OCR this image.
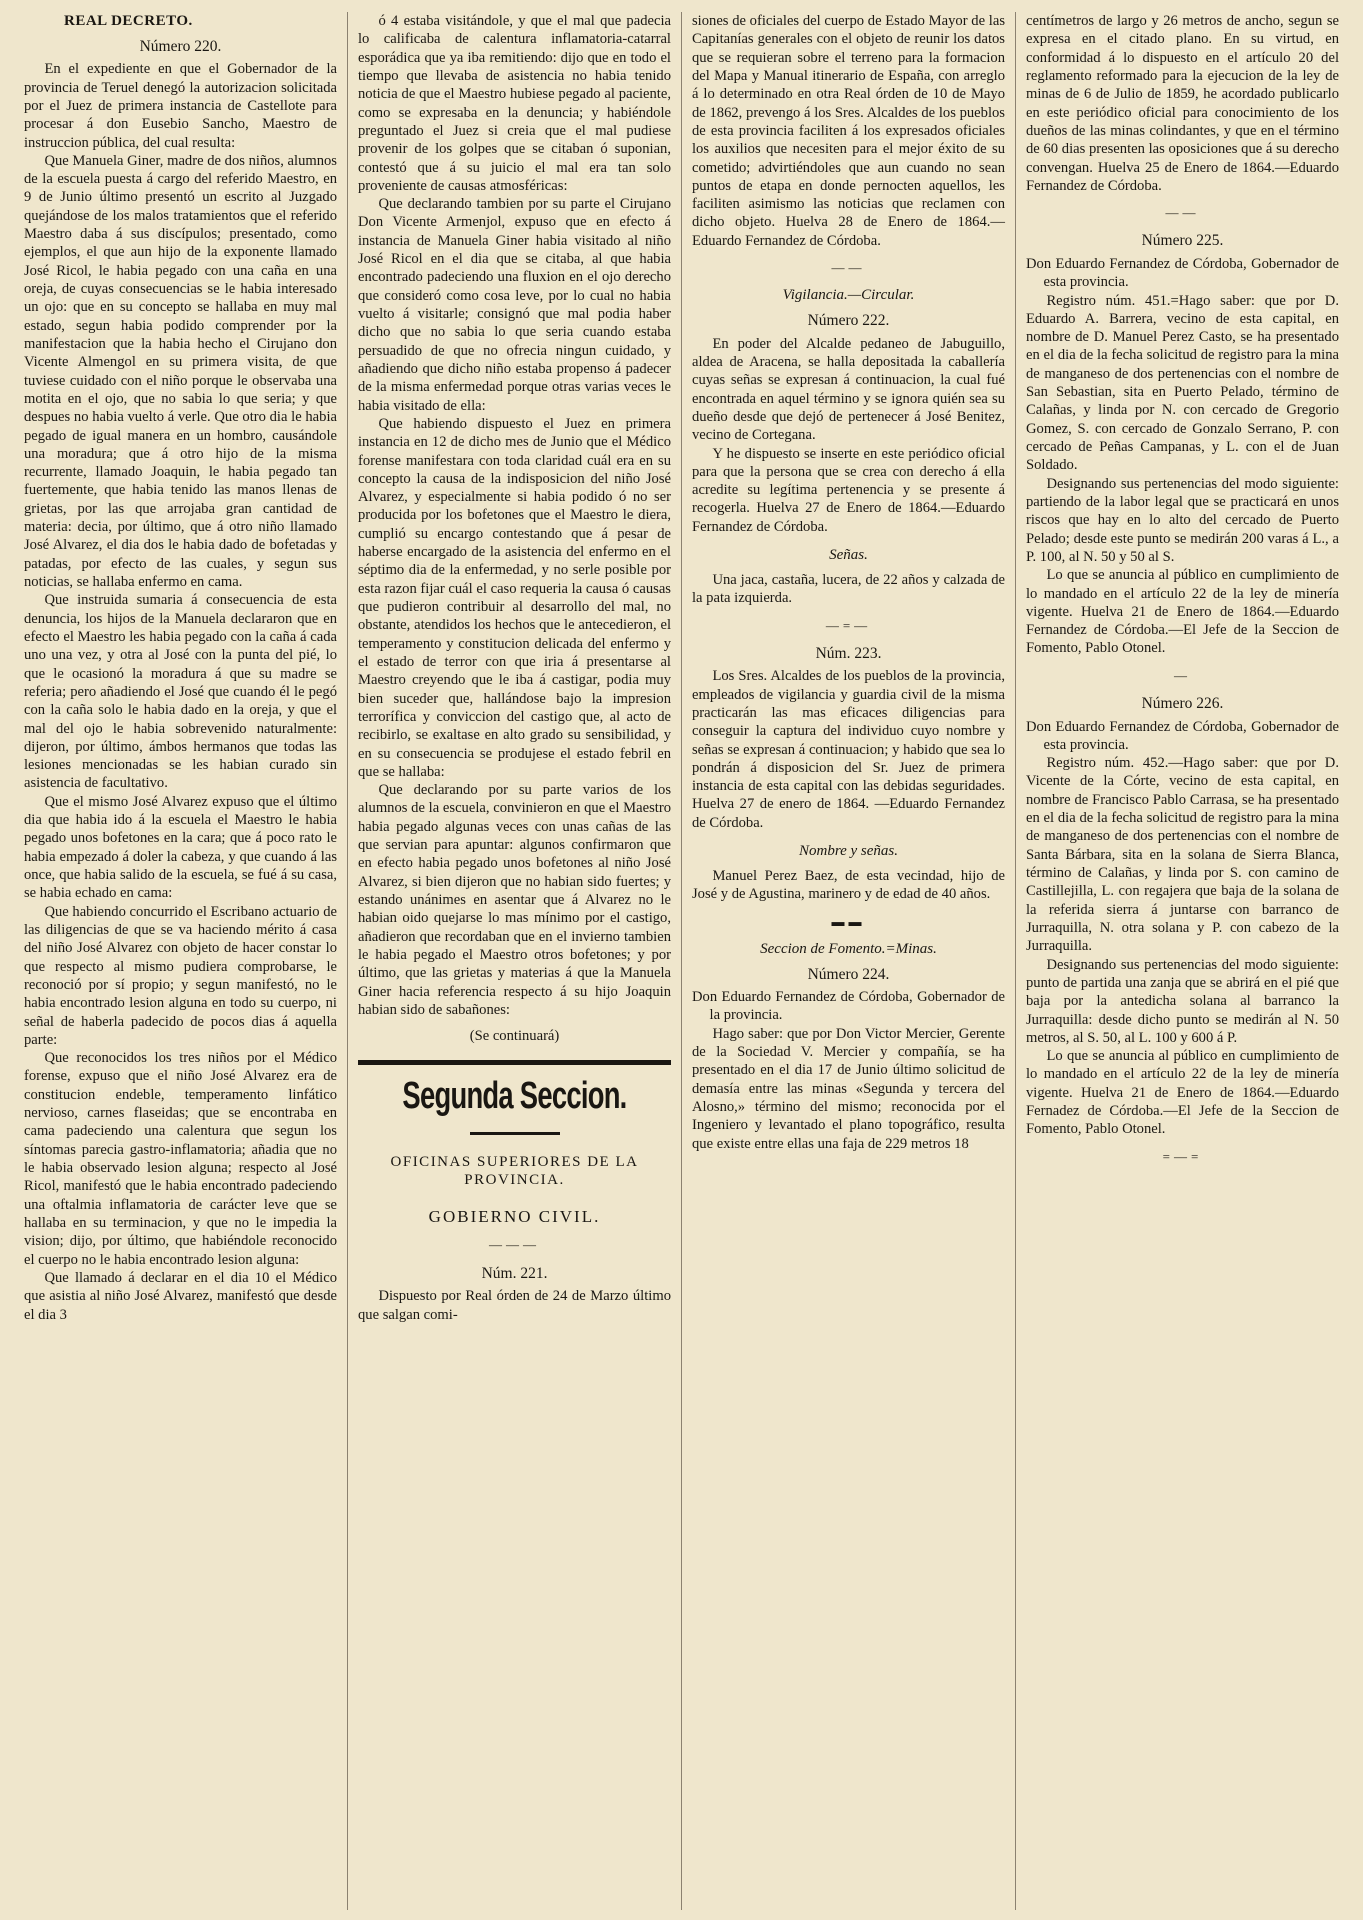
REAL DECRETO.

Número 220.

En el expediente en que el Gobernador de la provincia de Teruel denegó la autorizacion solicitada por el Juez de primera instancia de Castellote para procesar á don Eusebio Sancho, Maestro de instruccion pública, del cual resulta:

Que Manuela Giner, madre de dos niños, alumnos de la escuela puesta á cargo del referido Maestro, en 9 de Junio último presentó un escrito al Juzgado quejándose de los malos tratamientos que el referido Maestro daba á sus discípulos; presentado, como ejemplos, el que aun hijo de la exponente llamado José Ricol, le habia pegado con una caña en una oreja, de cuyas consecuencias se le habia interesado un ojo: que en su concepto se hallaba en muy mal estado, segun habia podido comprender por la manifestacion que la habia hecho el Cirujano don Vicente Almengol en su primera visita, de que tuviese cuidado con el niño porque le observaba una motita en el ojo, que no sabia lo que seria; y que despues no habia vuelto á verle. Que otro dia le habia pegado de igual manera en un hombro, causándole una moradura; que á otro hijo de la misma recurrente, llamado Joaquin, le habia pegado tan fuertemente, que habia tenido las manos llenas de grietas, por las que arrojaba gran cantidad de materia: decia, por último, que á otro niño llamado José Alvarez, el dia dos le habia dado de bofetadas y patadas, por efecto de las cuales, y segun sus noticias, se hallaba enfermo en cama.

Que instruida sumaria á consecuencia de esta denuncia, los hijos de la Manuela declararon que en efecto el Maestro les habia pegado con la caña á cada uno una vez, y otra al José con la punta del pié, lo que le ocasionó la moradura á que su madre se referia; pero añadiendo el José que cuando él le pegó con la caña solo le habia dado en la oreja, y que el mal del ojo le habia sobrevenido naturalmente: dijeron, por último, ámbos hermanos que todas las lesiones mencionadas se les habian curado sin asistencia de facultativo.

Que el mismo José Alvarez expuso que el último dia que habia ido á la escuela el Maestro le habia pegado unos bofetones en la cara; que á poco rato le habia empezado á doler la cabeza, y que cuando á las once, que habia salido de la escuela, se fué á su casa, se habia echado en cama:

Que habiendo concurrido el Escribano actuario de las diligencias de que se va haciendo mérito á casa del niño José Alvarez con objeto de hacer constar lo que respecto al mismo pudiera comprobarse, le reconoció por sí propio; y segun manifestó, no le habia encontrado lesion alguna en todo su cuerpo, ni señal de haberla padecido de pocos dias á aquella parte:

Que reconocidos los tres niños por el Médico forense, expuso que el niño José Alvarez era de constitucion endeble, temperamento linfático nervioso, carnes flaseidas; que se encontraba en cama padeciendo una calentura que segun los síntomas parecia gastro-inflamatoria; añadia que no le habia observado lesion alguna; respecto al José Ricol, manifestó que le habia encontrado padeciendo una oftalmia inflamatoria de carácter leve que se hallaba en su terminacion, y que no le impedia la vision; dijo, por último, que habiéndole reconocido el cuerpo no le habia encontrado lesion alguna:

Que llamado á declarar en el dia 10 el Médico que asistia al niño José Alvarez, manifestó que desde el dia 3

ó 4 estaba visitándole, y que el mal que padecia lo calificaba de calentura inflamatoria-catarral esporádica que ya iba remitiendo: dijo que en todo el tiempo que llevaba de asistencia no habia tenido noticia de que el Maestro hubiese pegado al paciente, como se expresaba en la denuncia; y habiéndole preguntado el Juez si creia que el mal pudiese provenir de los golpes que se citaban ó suponian, contestó que á su juicio el mal era tan solo proveniente de causas atmosféricas:

Que declarando tambien por su parte el Cirujano Don Vicente Armenjol, expuso que en efecto á instancia de Manuela Giner habia visitado al niño José Ricol en el dia que se citaba, al que habia encontrado padeciendo una fluxion en el ojo derecho que consideró como cosa leve, por lo cual no habia vuelto á visitarle; consignó que mal podia haber dicho que no sabia lo que seria cuando estaba persuadido de que no ofrecia ningun cuidado, y añadiendo que dicho niño estaba propenso á padecer de la misma enfermedad porque otras varias veces le habia visitado de ella:

Que habiendo dispuesto el Juez en primera instancia en 12 de dicho mes de Junio que el Médico forense manifestara con toda claridad cuál era en su concepto la causa de la indisposicion del niño José Alvarez, y especialmente si habia podido ó no ser producida por los bofetones que el Maestro le diera, cumplió su encargo contestando que á pesar de haberse encargado de la asistencia del enfermo en el séptimo dia de la enfermedad, y no serle posible por esta razon fijar cuál el caso requeria la causa ó causas que pudieron contribuir al desarrollo del mal, no obstante, atendidos los hechos que le antecedieron, el temperamento y constitucion delicada del enfermo y el estado de terror con que iria á presentarse al Maestro creyendo que le iba á castigar, podia muy bien suceder que, hallándose bajo la impresion terrorífica y conviccion del castigo que, al acto de recibirlo, se exaltase en alto grado su sensibilidad, y en su consecuencia se produjese el estado febril en que se hallaba:

Que declarando por su parte varios de los alumnos de la escuela, convinieron en que el Maestro habia pegado algunas veces con unas cañas de las que servian para apuntar: algunos confirmaron que en efecto habia pegado unos bofetones al niño José Alvarez, si bien dijeron que no habian sido fuertes; y estando unánimes en asentar que á Alvarez no le habian oido quejarse lo mas mínimo por el castigo, añadieron que recordaban que en el invierno tambien le habia pegado el Maestro otros bofetones; y por último, que las grietas y materias á que la Manuela Giner hacia referencia respecto á su hijo Joaquin habian sido de sabañones:

(Se continuará)

Segunda Seccion.

OFICINAS SUPERIORES DE LA PROVINCIA.

GOBIERNO CIVIL.

———

Núm. 221.

Dispuesto por Real órden de 24 de Marzo último que salgan comi-

siones de oficiales del cuerpo de Estado Mayor de las Capitanías generales con el objeto de reunir los datos que se requieran sobre el terreno para la formacion del Mapa y Manual itinerario de España, con arreglo á lo determinado en otra Real órden de 10 de Mayo de 1862, prevengo á los Sres. Alcaldes de los pueblos de esta provincia faciliten á los expresados oficiales los auxilios que necesiten para el mejor éxito de su cometido; advirtiéndoles que aun cuando no sean puntos de etapa en donde pernocten aquellos, les faciliten asimismo las noticias que reclamen con dicho objeto. Huelva 28 de Enero de 1864.—Eduardo Fernandez de Córdoba.

——

Vigilancia.—Circular.

Número 222.

En poder del Alcalde pedaneo de Jabuguillo, aldea de Aracena, se halla depositada la caballería cuyas señas se expresan á continuacion, la cual fué encontrada en aquel término y se ignora quién sea su dueño desde que dejó de pertenecer á José Benitez, vecino de Cortegana.

Y he dispuesto se inserte en este periódico oficial para que la persona que se crea con derecho á ella acredite su legítima pertenencia y se presente á recogerla. Huelva 27 de Enero de 1864.—Eduardo Fernandez de Córdoba.

Señas.

Una jaca, castaña, lucera, de 22 años y calzada de la pata izquierda.

—=—

Núm. 223.

Los Sres. Alcaldes de los pueblos de la provincia, empleados de vigilancia y guardia civil de la misma practicarán las mas eficaces diligencias para conseguir la captura del individuo cuyo nombre y señas se expresan á continuacion; y habido que sea lo pondrán á disposicion del Sr. Juez de primera instancia de esta capital con las debidas seguridades. Huelva 27 de enero de 1864. —Eduardo Fernandez de Córdoba.

Nombre y señas.

Manuel Perez Baez, de esta vecindad, hijo de José y de Agustina, marinero y de edad de 40 años.

▬▬

Seccion de Fomento.=Minas.

Número 224.

Don Eduardo Fernandez de Córdoba, Gobernador de la provincia.

Hago saber: que por Don Victor Mercier, Gerente de la Sociedad V. Mercier y compañía, se ha presentado en el dia 17 de Junio último solicitud de demasía entre las minas «Segunda y tercera del Alosno,» término del mismo; reconocida por el Ingeniero y levantado el plano topográfico, resulta que existe entre ellas una faja de 229 metros 18

centímetros de largo y 26 metros de ancho, segun se expresa en el citado plano. En su virtud, en conformidad á lo dispuesto en el artículo 20 del reglamento reformado para la ejecucion de la ley de minas de 6 de Julio de 1859, he acordado publicarlo en este periódico oficial para conocimiento de los dueños de las minas colindantes, y que en el término de 60 dias presenten las oposiciones que á su derecho convengan. Huelva 25 de Enero de 1864.—Eduardo Fernandez de Córdoba.

——

Número 225.

Don Eduardo Fernandez de Córdoba, Gobernador de esta provincia.

Registro núm. 451.=Hago saber: que por D. Eduardo A. Barrera, vecino de esta capital, en nombre de D. Manuel Perez Casto, se ha presentado en el dia de la fecha solicitud de registro para la mina de manganeso de dos pertenencias con el nombre de San Sebastian, sita en Puerto Pelado, término de Calañas, y linda por N. con cercado de Gregorio Gomez, S. con cercado de Gonzalo Serrano, P. con cercado de Peñas Campanas, y L. con el de Juan Soldado.

Designando sus pertenencias del modo siguiente: partiendo de la labor legal que se practicará en unos riscos que hay en lo alto del cercado de Puerto Pelado; desde este punto se medirán 200 varas á L., a P. 100, al N. 50 y 50 al S.

Lo que se anuncia al público en cumplimiento de lo mandado en el artículo 22 de la ley de minería vigente. Huelva 21 de Enero de 1864.—Eduardo Fernandez de Córdoba.—El Jefe de la Seccion de Fomento, Pablo Otonel.

—

Número 226.

Don Eduardo Fernandez de Córdoba, Gobernador de esta provincia.

Registro núm. 452.—Hago saber: que por D. Vicente de la Córte, vecino de esta capital, en nombre de Francisco Pablo Carrasa, se ha presentado en el dia de la fecha solicitud de registro para la mina de manganeso de dos pertenencias con el nombre de Santa Bárbara, sita en la solana de Sierra Blanca, término de Calañas, y linda por S. con camino de Castillejilla, L. con regajera que baja de la solana de la referida sierra á juntarse con barranco de Jurraquilla, N. otra solana y P. con cabezo de la Jurraquilla.

Designando sus pertenencias del modo siguiente: punto de partida una zanja que se abrirá en el pié que baja por la antedicha solana al barranco la Jurraquilla: desde dicho punto se medirán al N. 50 metros, al S. 50, al L. 100 y 600 á P.

Lo que se anuncia al público en cumplimiento de lo mandado en el artículo 22 de la ley de minería vigente. Huelva 21 de Enero de 1864.—Eduardo Fernadez de Córdoba.—El Jefe de la Seccion de Fomento, Pablo Otonel.

=—=
